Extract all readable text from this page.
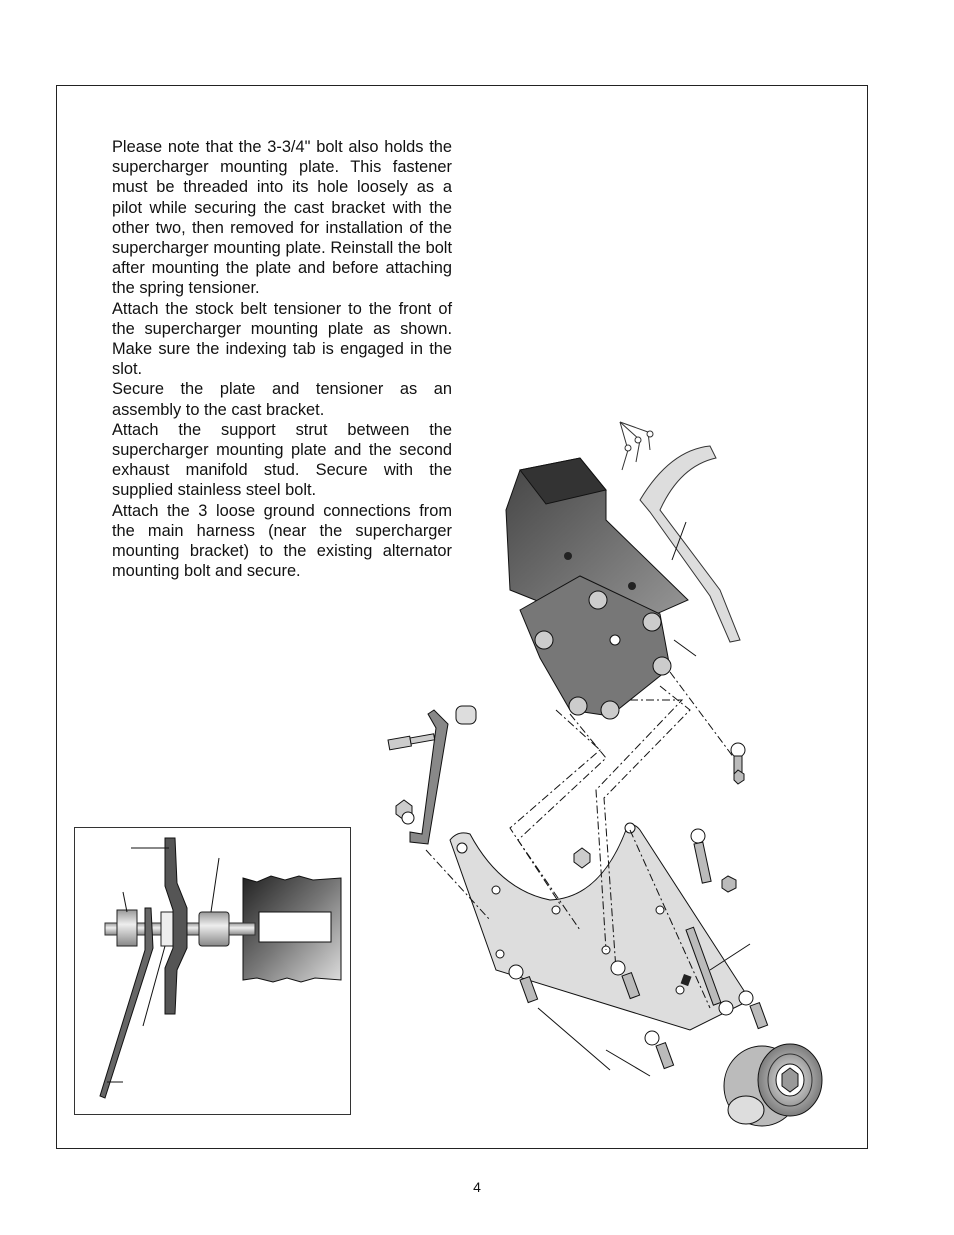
Please note that the 3-3/4" bolt also holds the supercharger mounting plate. This fastener must be threaded into its hole loosely as a pilot while securing the cast bracket with the other two, then removed for installation of the supercharger mounting plate. Reinstall the bolt after mounting the plate and before attaching the spring tensioner.

Attach the stock belt tensioner to the front of the supercharger mounting plate as shown. Make sure the indexing tab is engaged in the slot.

Secure the plate and tensioner as an assembly to the cast bracket.

Attach the support strut between the supercharger mounting plate and the second exhaust manifold stud. Secure with the supplied stainless steel bolt.

Attach the 3 loose ground connections from the main harness (near the supercharger mounting bracket) to the existing alternator mounting bolt and secure.

4
